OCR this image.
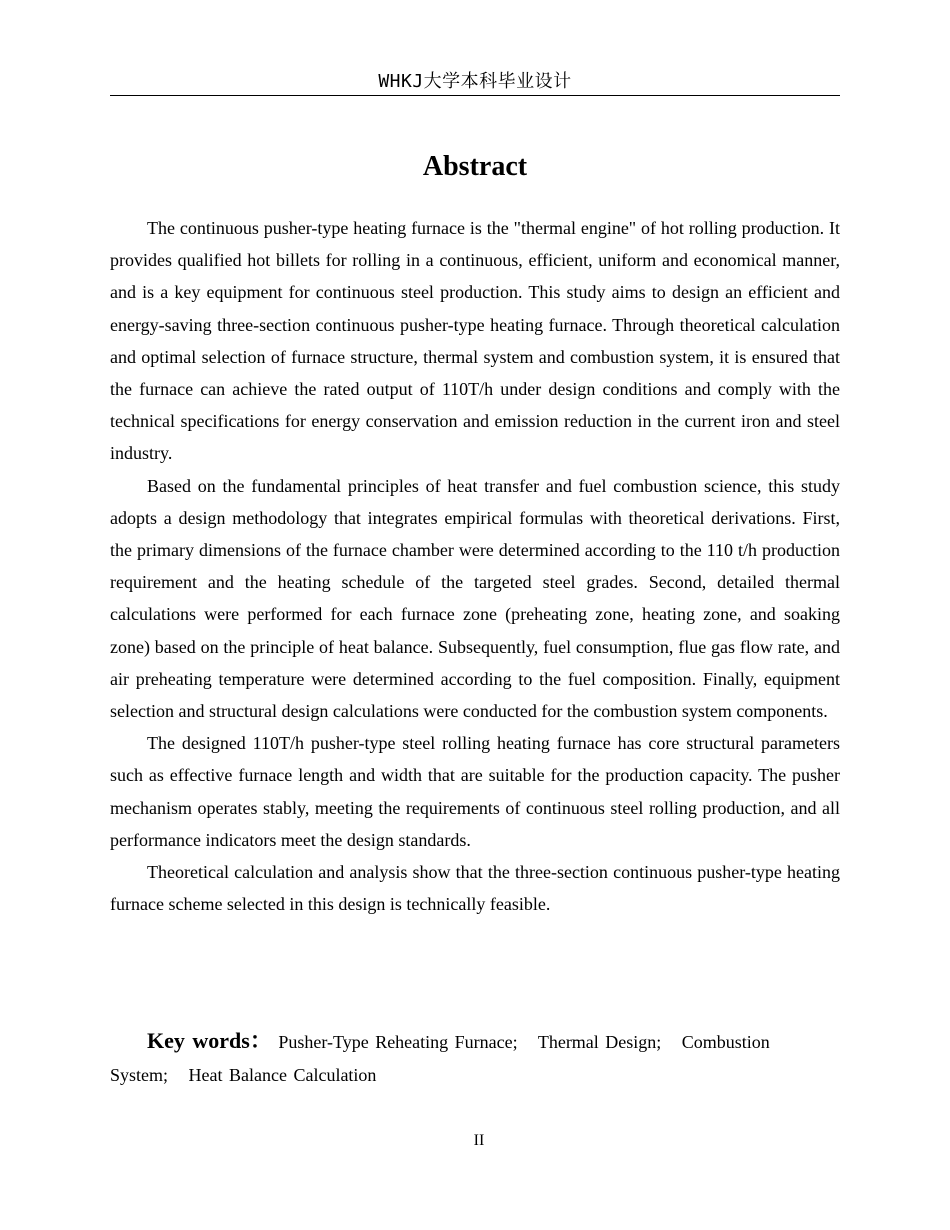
WHKJ大学本科毕业设计
Abstract

The continuous pusher-type heating furnace is the "thermal engine" of hot rolling production. It provides qualified hot billets for rolling in a continuous, efficient, uniform and economical manner, and is a key equipment for continuous steel production. This study aims to design an efficient and energy-saving three-section continuous pusher-type heating furnace. Through theoretical calculation and optimal selection of furnace structure, thermal system and combustion system, it is ensured that the furnace can achieve the rated output of 110T/h under design conditions and comply with the technical specifications for energy conservation and emission reduction in the current iron and steel industry.

Based on the fundamental principles of heat transfer and fuel combustion science, this study adopts a design methodology that integrates empirical formulas with theoretical derivations. First, the primary dimensions of the furnace chamber were determined according to the 110 t/h production requirement and the heating schedule of the targeted steel grades. Second, detailed thermal calculations were performed for each furnace zone (preheating zone, heating zone, and soaking zone) based on the principle of heat balance. Subsequently, fuel consumption, flue gas flow rate, and air preheating temperature were determined according to the fuel composition. Finally, equipment selection and structural design calculations were conducted for the combustion system components.

The designed 110T/h pusher-type steel rolling heating furnace has core structural parameters such as effective furnace length and width that are suitable for the production capacity. The pusher mechanism operates stably, meeting the requirements of continuous steel rolling production, and all performance indicators meet the design standards.

Theoretical calculation and analysis show that the three-section continuous pusher-type heating furnace scheme selected in this design is technically feasible.

Key words： Pusher-Type Reheating Furnace; Thermal Design; Combustion System; Heat Balance Calculation
II
